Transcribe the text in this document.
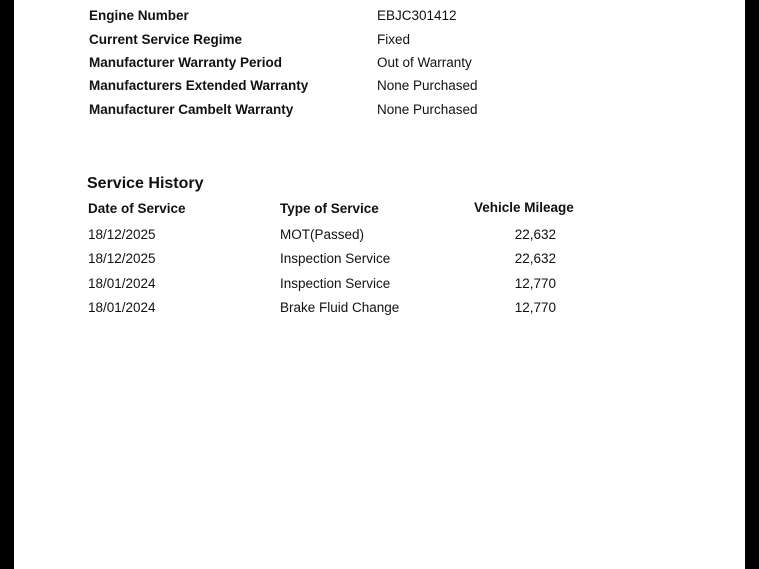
Engine Number	EBJC301412
Current Service Regime	Fixed
Manufacturer Warranty Period	Out of Warranty
Manufacturers Extended Warranty	None Purchased
Manufacturer Cambelt Warranty	None Purchased
Service History
Date of Service	Type of Service	Vehicle Mileage
18/12/2025	MOT(Passed)	22,632
18/12/2025	Inspection Service	22,632
18/01/2024	Inspection Service	12,770
18/01/2024	Brake Fluid Change	12,770
